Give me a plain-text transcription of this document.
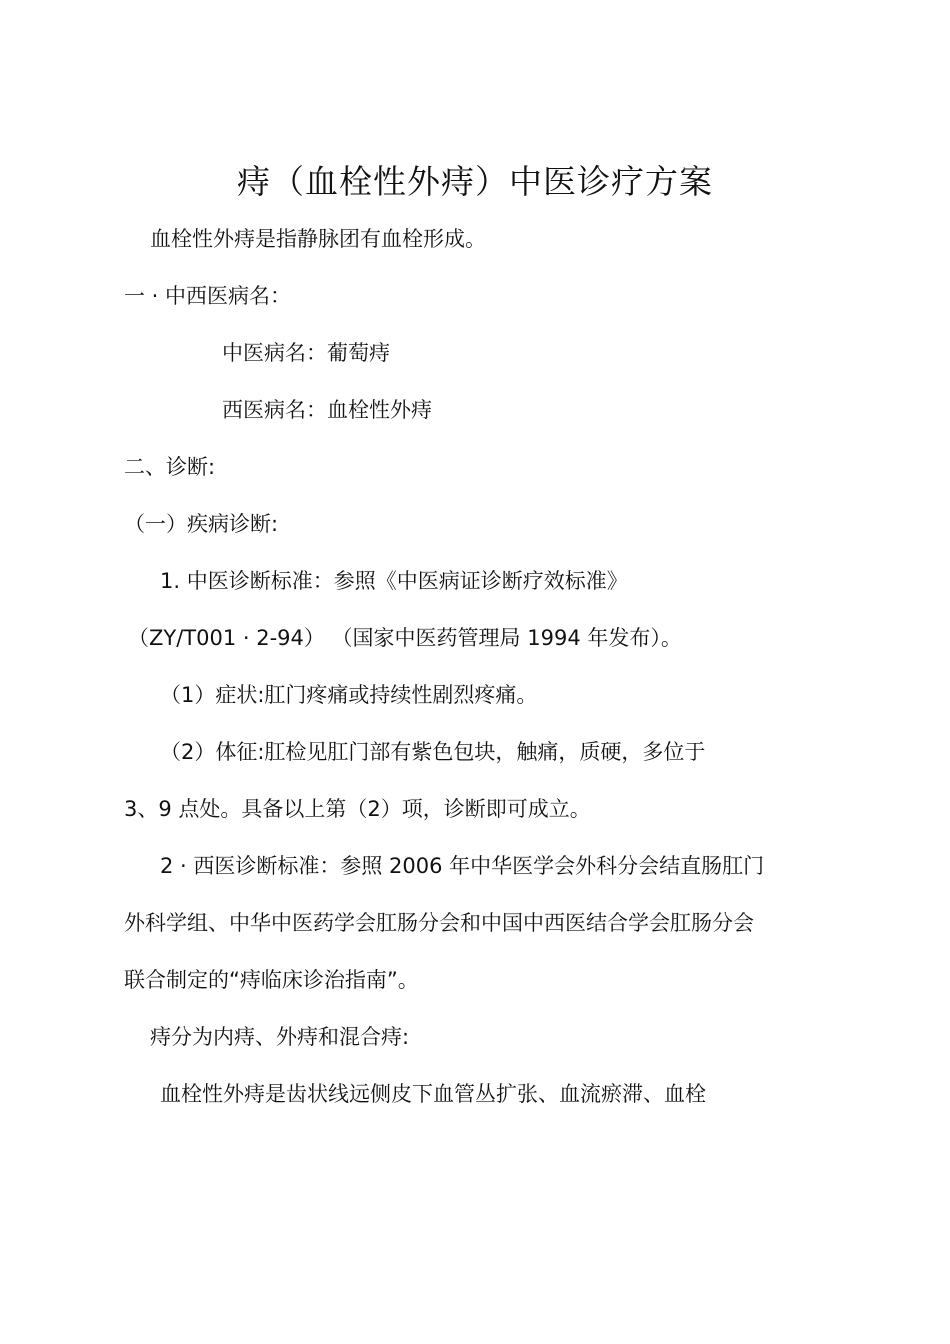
痔（血栓性外痔）中医诊疗方案
血栓性外痔是指静脉团有血栓形成。
一 · 中西医病名：
中医病名：葡萄痔
西医病名：血栓性外痔
二、诊断:
（一）疾病诊断:
1. 中医诊断标准：参照《中医病证诊断疗效标准》
（ZY/T001 · 2-94） （国家中医药管理局 1994 年发布）。
（1）症状:肛门疼痛或持续性剧烈疼痛。
（2）体征:肛检见肛门部有紫色包块，触痛，质硬，多位于
3、9 点处。具备以上第（2）项，诊断即可成立。
2 · 西医诊断标准：参照 2006 年中华医学会外科分会结直肠肛门
外科学组、中华中医药学会肛肠分会和中国中西医结合学会肛肠分会
联合制定的“痔临床诊治指南”。
痔分为内痔、外痔和混合痔:
血栓性外痔是齿状线远侧皮下血管丛扩张、血流瘀滞、血栓
